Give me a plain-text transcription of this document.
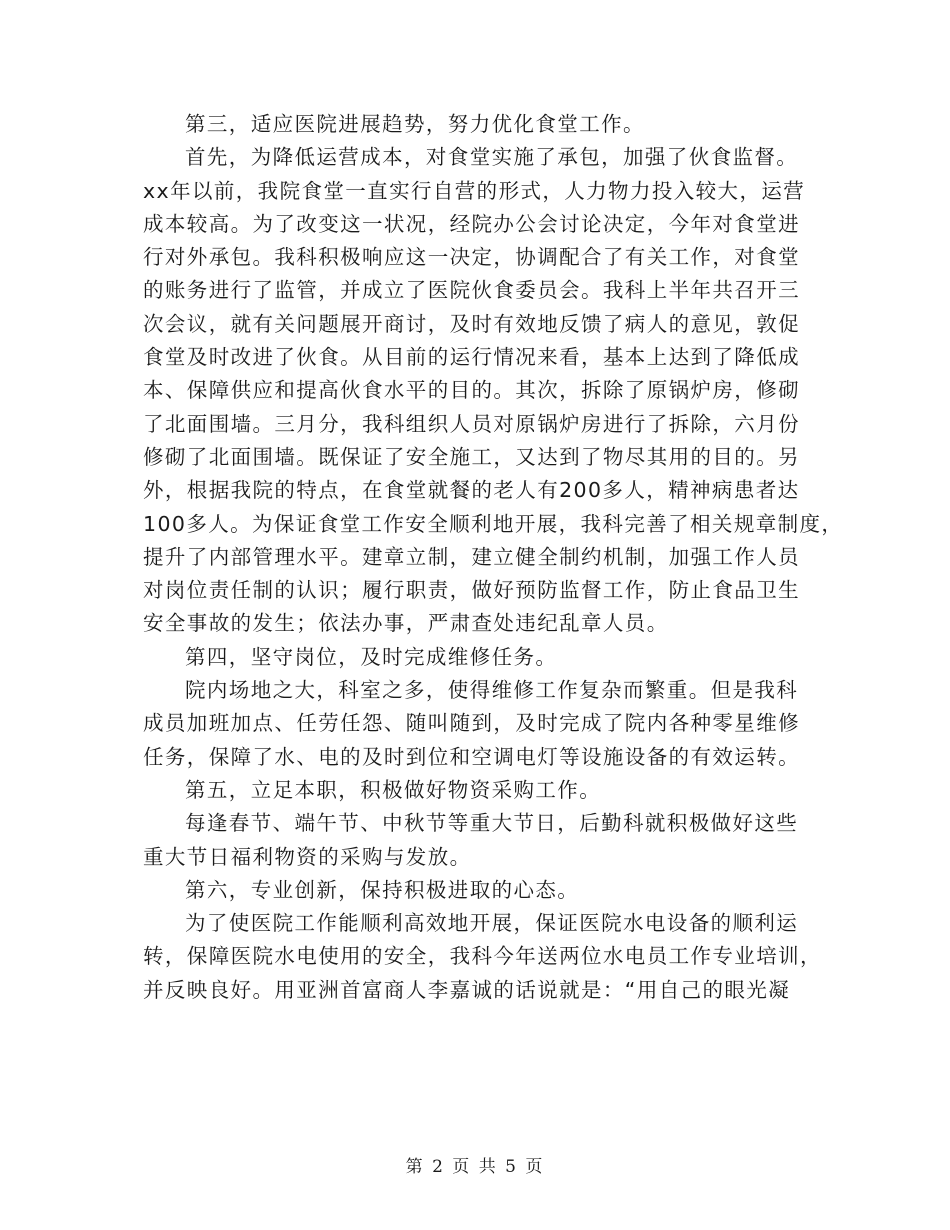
第三，适应医院进展趋势，努力优化食堂工作。
首先，为降低运营成本，对食堂实施了承包，加强了伙食监督。
xx年以前，我院食堂一直实行自营的形式，人力物力投入较大，运营
成本较高。为了改变这一状况，经院办公会讨论决定，今年对食堂进
行对外承包。我科积极响应这一决定，协调配合了有关工作，对食堂
的账务进行了监管，并成立了医院伙食委员会。我科上半年共召开三
次会议，就有关问题展开商讨，及时有效地反馈了病人的意见，敦促
食堂及时改进了伙食。从目前的运行情况来看，基本上达到了降低成
本、保障供应和提高伙食水平的目的。其次，拆除了原锅炉房，修砌
了北面围墙。三月分，我科组织人员对原锅炉房进行了拆除，六月份
修砌了北面围墙。既保证了安全施工，又达到了物尽其用的目的。另
外，根据我院的特点，在食堂就餐的老人有200多人，精神病患者达
100多人。为保证食堂工作安全顺利地开展，我科完善了相关规章制度，
提升了内部管理水平。建章立制，建立健全制约机制，加强工作人员
对岗位责任制的认识；履行职责，做好预防监督工作，防止食品卫生
安全事故的发生；依法办事，严肃查处违纪乱章人员。
第四，坚守岗位，及时完成维修任务。
院内场地之大，科室之多，使得维修工作复杂而繁重。但是我科
成员加班加点、任劳任怨、随叫随到，及时完成了院内各种零星维修
任务，保障了水、电的及时到位和空调电灯等设施设备的有效运转。
第五，立足本职，积极做好物资采购工作。
每逢春节、端午节、中秋节等重大节日，后勤科就积极做好这些
重大节日福利物资的采购与发放。
第六，专业创新，保持积极进取的心态。
为了使医院工作能顺利高效地开展，保证医院水电设备的顺利运
转，保障医院水电使用的安全，我科今年送两位水电员工作专业培训，
并反映良好。用亚洲首富商人李嘉诚的话说就是：“用自己的眼光凝
第 2 页 共 5 页
